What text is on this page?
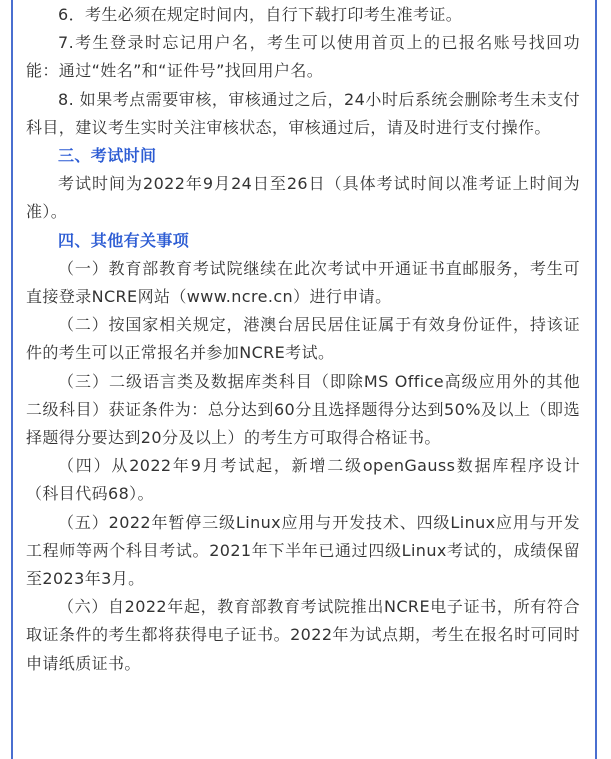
6．考生必须在规定时间内，自行下载打印考生准考证。

7.考生登录时忘记用户名，考生可以使用首页上的已报名账号找回功能：通过“姓名”和“证件号”找回用户名。

8. 如果考点需要审核，审核通过之后，24小时后系统会删除考生未支付科目，建议考生实时关注审核状态，审核通过后，请及时进行支付操作。

三、考试时间

考试时间为2022年9月24日至26日（具体考试时间以准考证上时间为准）。

四、其他有关事项

（一）教育部教育考试院继续在此次考试中开通证书直邮服务，考生可直接登录NCRE网站（www.ncre.cn）进行申请。

（二）按国家相关规定，港澳台居民居住证属于有效身份证件，持该证件的考生可以正常报名并参加NCRE考试。

（三）二级语言类及数据库类科目（即除MS Office高级应用外的其他二级科目）获证条件为：总分达到60分且选择题得分达到50%及以上（即选择题得分要达到20分及以上）的考生方可取得合格证书。

（四）从2022年9月考试起，新增二级openGauss数据库程序设计（科目代码68）。

（五）2022年暂停三级Linux应用与开发技术、四级Linux应用与开发工程师等两个科目考试。2021年下半年已通过四级Linux考试的，成绩保留至2023年3月。

（六）自2022年起，教育部教育考试院推出NCRE电子证书，所有符合取证条件的考生都将获得电子证书。2022年为试点期，考生在报名时可同时申请纸质证书。
